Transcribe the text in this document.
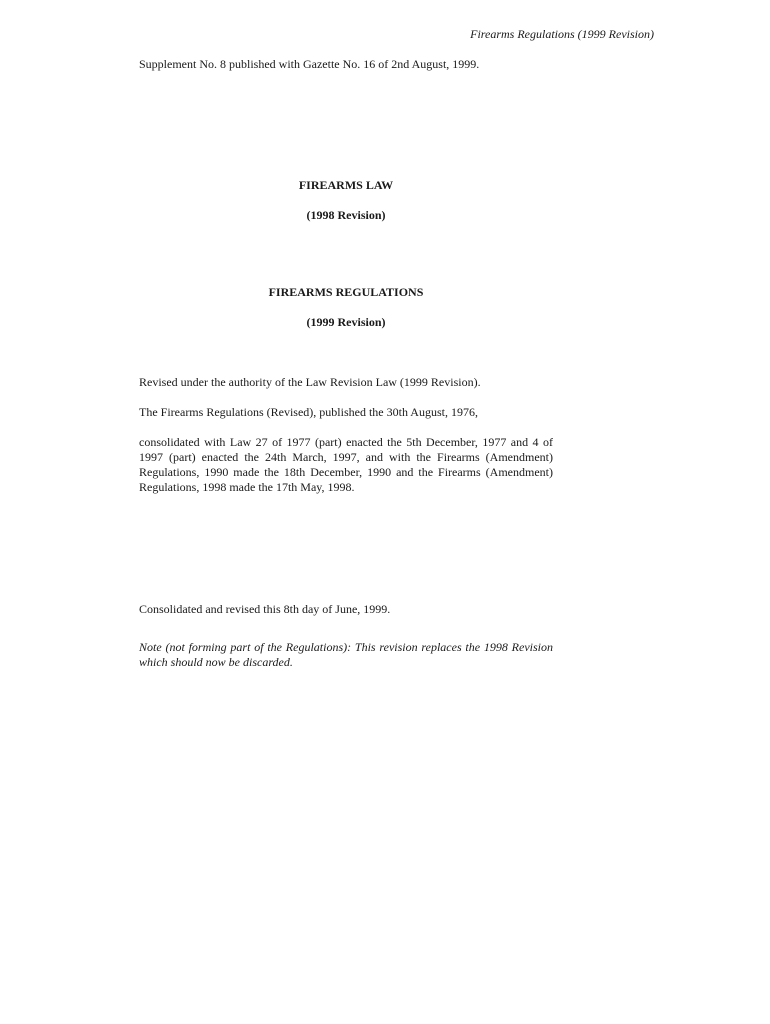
Firearms Regulations (1999 Revision)
Supplement No. 8 published with Gazette No. 16 of 2nd August, 1999.
FIREARMS LAW
(1998 Revision)
FIREARMS REGULATIONS
(1999 Revision)
Revised under the authority of the Law Revision Law (1999 Revision).
The Firearms Regulations (Revised), published the 30th August, 1976,
consolidated with Law 27 of 1977 (part) enacted the 5th December, 1977 and 4 of 1997 (part) enacted the 24th March, 1997, and with the Firearms (Amendment) Regulations, 1990 made the 18th December, 1990 and the Firearms (Amendment) Regulations, 1998 made the 17th May, 1998.
Consolidated and revised this 8th day of June, 1999.
Note (not forming part of the Regulations): This revision replaces the 1998 Revision which should now be discarded.
